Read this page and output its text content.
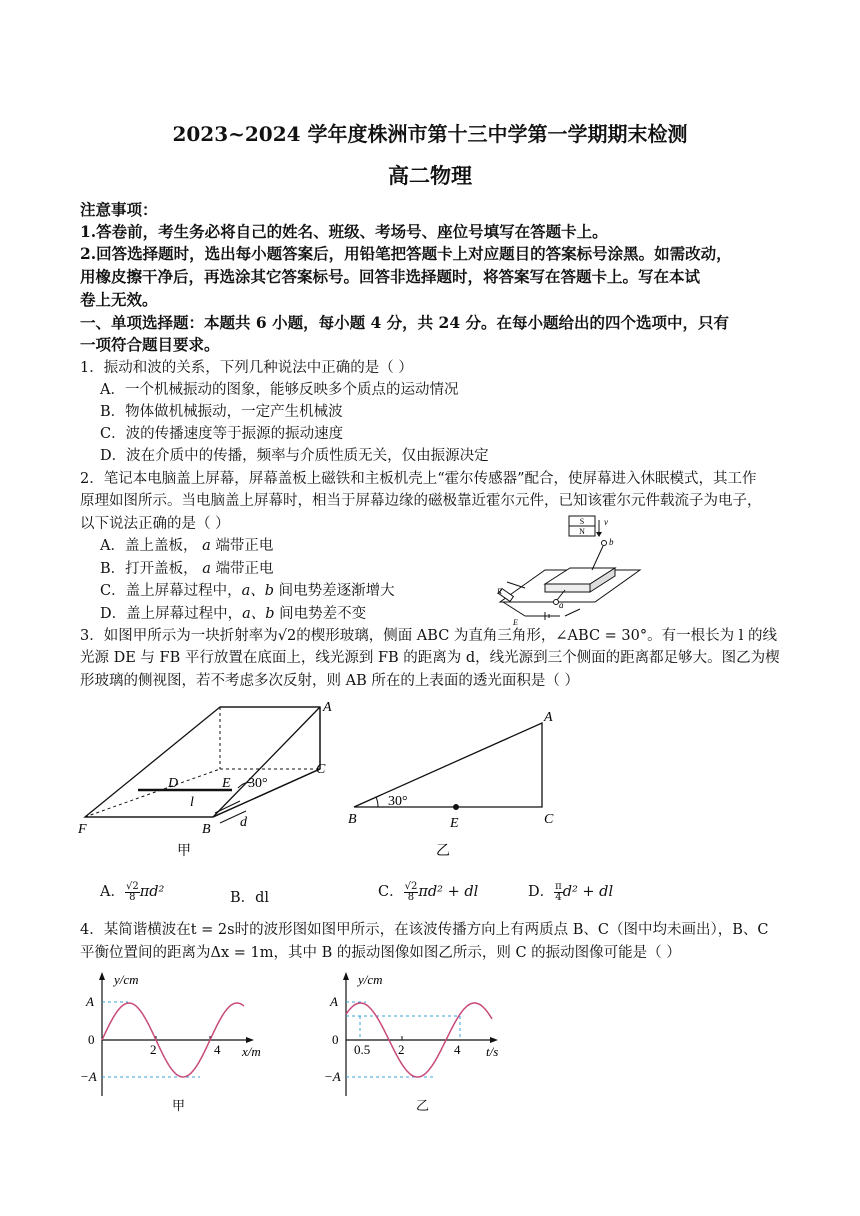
2023~2024 学年度株洲市第十三中学第一学期期末检测
高二物理
注意事项：
1.答卷前，考生务必将自己的姓名、班级、考场号、座位号填写在答题卡上。
2.回答选择题时，选出每小题答案后，用铅笔把答题卡上对应题目的答案标号涂黑。如需改动，
用橡皮擦干净后，再选涂其它答案标号。回答非选择题时，将答案写在答题卡上。写在本试
卷上无效。
一、单项选择题：本题共 6 小题，每小题 4 分，共 24 分。在每小题给出的四个选项中，只有
一项符合题目要求。
1．振动和波的关系，下列几种说法中正确的是（ ）
A．一个机械振动的图象，能够反映多个质点的运动情况
B．物体做机械振动，一定产生机械波
C．波的传播速度等于振源的振动速度
D．波在介质中的传播，频率与介质性质无关，仅由振源决定
2．笔记本电脑盖上屏幕，屏幕盖板上磁铁和主板机壳上“霍尔传感器”配合，使屏幕进入休眠模式，其工作
原理如图所示。当电脑盖上屏幕时，相当于屏幕边缘的磁极靠近霍尔元件，已知该霍尔元件载流子为电子，
以下说法正确的是（ ）
A．盖上盖板， a 端带正电
B．打开盖板， a 端带正电
C．盖上屏幕过程中，a、b 间电势差逐渐增大
D．盖上屏幕过程中，a、b 间电势差不变
S
N
v
b
a
R
E
3．如图甲所示为一块折射率为√2的楔形玻璃，侧面 ABC 为直角三角形，∠ABC = 30°。有一根长为 l 的线
光源 DE 与 FB 平行放置在底面上，线光源到 FB 的距离为 d，线光源到三个侧面的距离都足够大。图乙为楔
形玻璃的侧视图，若不考虑多次反射，则 AB 所在的上表面的透光面积是（ ）
A
C
D	E 30°
l
F	B d
甲
A
30°
B	E	C
乙
A． $\frac{√2}{8} \pi d^2$	B．dl	C． $\frac{√2}{8} \pi d^2$ + dl	D． $\frac{\pi}{4} d^2$ + dl
4．某简谐横波在t = 2s时的波形图如图甲所示，在该波传播方向上有两质点 B、C（图中均未画出），B、C
平衡位置间的距离为Δx = 1m，其中 B 的振动图像如图乙所示，则 C 的振动图像可能是（ ）
y/cm
A
0
−A
2	4 x/m
甲
y/cm
A
0
−A
0.5 2	4 t/s
乙
